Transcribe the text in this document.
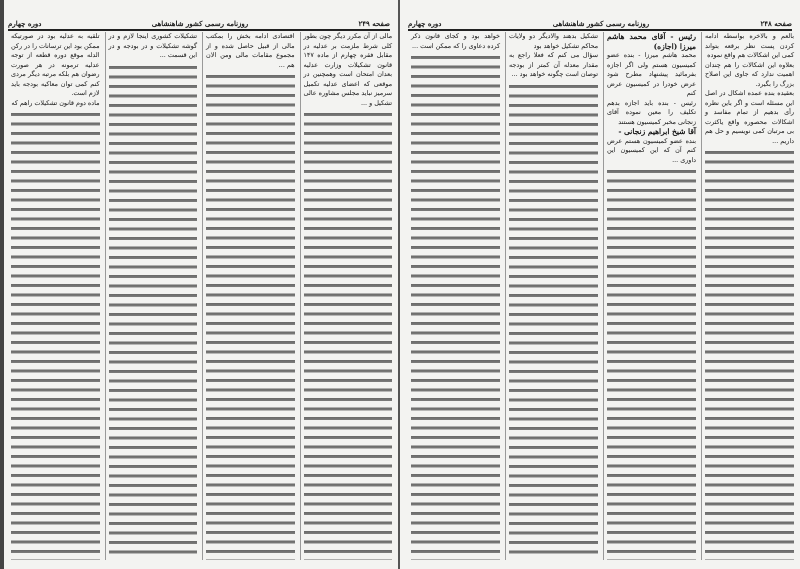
صفحه ۲۴۹
روزنامه رسمی کشور شاهنشاهی
دوره چهارم
مالی از آن مکرر دیگر چون بطور کلی شرط ملزمت بر عدلیه در مقابل فقره چهارم از ماده ۱۴۷ قانون تشکیلات وزارت عدلیه بعدان امتحان است وهمچنین در موقعی که اعضای عدلیه تکمیل سرمیز نباید مجلس مشاوره عالی تشکیل و ...
اقتصادی ادامه بخش را بمکتب مالی از قبیل حاصل شده و از مجموع مقامات مالی ومن الان هم ...
تشکیلات کشوری اینجا لازم و در گوشه تشکیلات و در بودجه و در این قسمت ...
تلقیه به عدلیه بود در صورتیکه ممکن بود این ترسانات را در رکن الدله موقع دوره قطعه از توجه عدلیه ترمونه در هر صورت رضوان هم بلکه مرتبه دیگر مردی کنم کمی توان معاکیه بودجه باید لازم است.
ماده دوم قانون تشکیلات راهم که
صفحه ۲۴۸
روزنامه رسمی کشور شاهنشاهی
دوره چهارم
بالعم و بالاخره بواسطه ادامه کردن پست نظر برقعه بتواند کمی این اشکالات هم واقع نموده
بعلاوه این اشکالات را هم چندان اهمیت ندارد که جاوی این اصلاح بزرگ را بگیرد.
بعقیده بنده عمده اشکال در اصل این مسئله است و اگر باین نظره رأی بدهیم از تمام مفاسد و اشکالات محصوره واقع یاکثرت بی مرتبان کمی نویسیم و حل هم داریم ...
رئیس - آقای محمد هاشم میرزا (اجازه)
محمد هاشم میرزا - بنده عضو کمیسیون هستم ولی اگر اجازه بفرمائید پیشنهاد مطرح شود عرض خودرا در کمیسیون عرض کنم
رئیس - بنده باید اجازه بدهم تکلیف را معین نموده آقای زنجانی مخبر کمیسیون هستند
آقا شیخ ابراهیم زنجانی -
بنده عضو کمیسیون هستم عرض کنم آن که این کمیسیون این داوری ...
تشکیل بدهند والادیگر دو ولایات محاکم تشکیل خواهد بود
سؤال می کنم که فعلا راجع به مقدار معدله آن کمتر از بودجه توصان است چگونه خواهد بود ...
خواهد بود و کجای قانون ذکر کرده دعاوی را که ممکن است ...
